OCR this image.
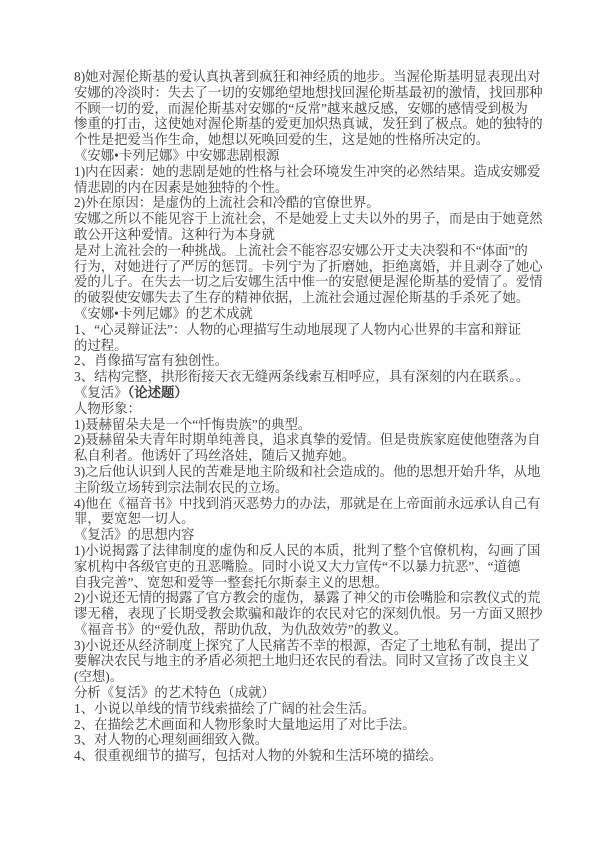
8)她对渥伦斯基的爱认真执著到疯狂和神经质的地步。当渥伦斯基明显表现出对
安娜的冷淡时：失去了一切的安娜绝望地想找回渥伦斯基最初的激情，找回那种
不顾一切的爱，而渥伦斯基对安娜的“反常”越来越反感，安娜的感情受到极为
惨重的打击，这使她对渥伦斯基的爱更加炽热真诚，发狂到了极点。她的独特的
个性是把爱当作生命，她想以死唤回爱的生，这是她的性格所决定的。
《安娜•卡列尼娜》中安娜悲剧根源
1)内在因素：她的悲剧是她的性格与社会环境发生冲突的必然结果。造成安娜爱
情悲剧的内在因素是她独特的个性。
2)外在原因：是虚伪的上流社会和冷酷的官僚世界。
安娜之所以不能见容于上流社会，不是她爱上丈夫以外的男子，而是由于她竟然
敢公开这种爱情。这种行为本身就
是对上流社会的一种挑战。上流社会不能容忍安娜公开丈夫决裂和不“体面”的
行为，对她进行了严厉的惩罚。卡列宁为了折磨她，拒绝离婚，并且剥夺了她心
爱的儿子。在失去一切之后安娜生活中惟一的安慰便是渥伦斯基的爱情了。爱情
的破裂使安娜失去了生存的精神依据，上流社会通过渥伦斯基的手杀死了她。
《安娜•卡列尼娜》的艺术成就
1、“心灵辩证法”：人物的心理描写生动地展现了人物内心世界的丰富和辩证
的过程。
2、肖像描写富有独创性。
3、结构完整，拱形衔接天衣无缝两条线索互相呼应，具有深刻的内在联系。。
《复活》（论述题）
人物形象：
1)聂赫留朵夫是一个“忏悔贵族”的典型。
2)聂赫留朵夫青年时期单纯善良，追求真挚的爱情。但是贵族家庭使他堕落为自
私自利者。他诱奸了玛丝洛娃，随后又抛弃她。
3)之后他认识到人民的苦难是地主阶级和社会造成的。他的思想开始升华，从地
主阶级立场转到宗法制农民的立场。
4)他在《福音书》中找到消灭恶势力的办法，那就是在上帝面前永远承认自己有
罪，要宽恕一切人。
《复活》的思想内容
1)小说揭露了法律制度的虚伪和反人民的本质，批判了整个官僚机构，勾画了国
家机构中各级官吏的丑恶嘴脸。同时小说又大力宣传“不以暴力抗恶”、“道德
自我完善”、宽恕和爱等一整套托尔斯泰主义的思想。
2)小说还无情的揭露了官方教会的虚伪，暴露了神父的市侩嘴脸和宗教仪式的荒
谬无稽，表现了长期受教会欺骗和敲诈的农民对它的深刻仇恨。另一方面又照抄
《福音书》的“爱仇敌，帮助仇敌，为仇敌效劳”的教义。
3)小说还从经济制度上探究了人民痛苦不幸的根源，否定了土地私有制，提出了
要解决农民与地主的矛盾必须把土地归还农民的看法。同时又宣扬了改良主义
(空想)。
分析《复活》的艺术特色（成就）
1、小说以单线的情节线索描绘了广阔的社会生活。
2、在描绘艺术画面和人物形象时大量地运用了对比手法。
3、对人物的心理刻画细致入微。
4、很重视细节的描写，包括对人物的外貌和生活环境的描绘。
